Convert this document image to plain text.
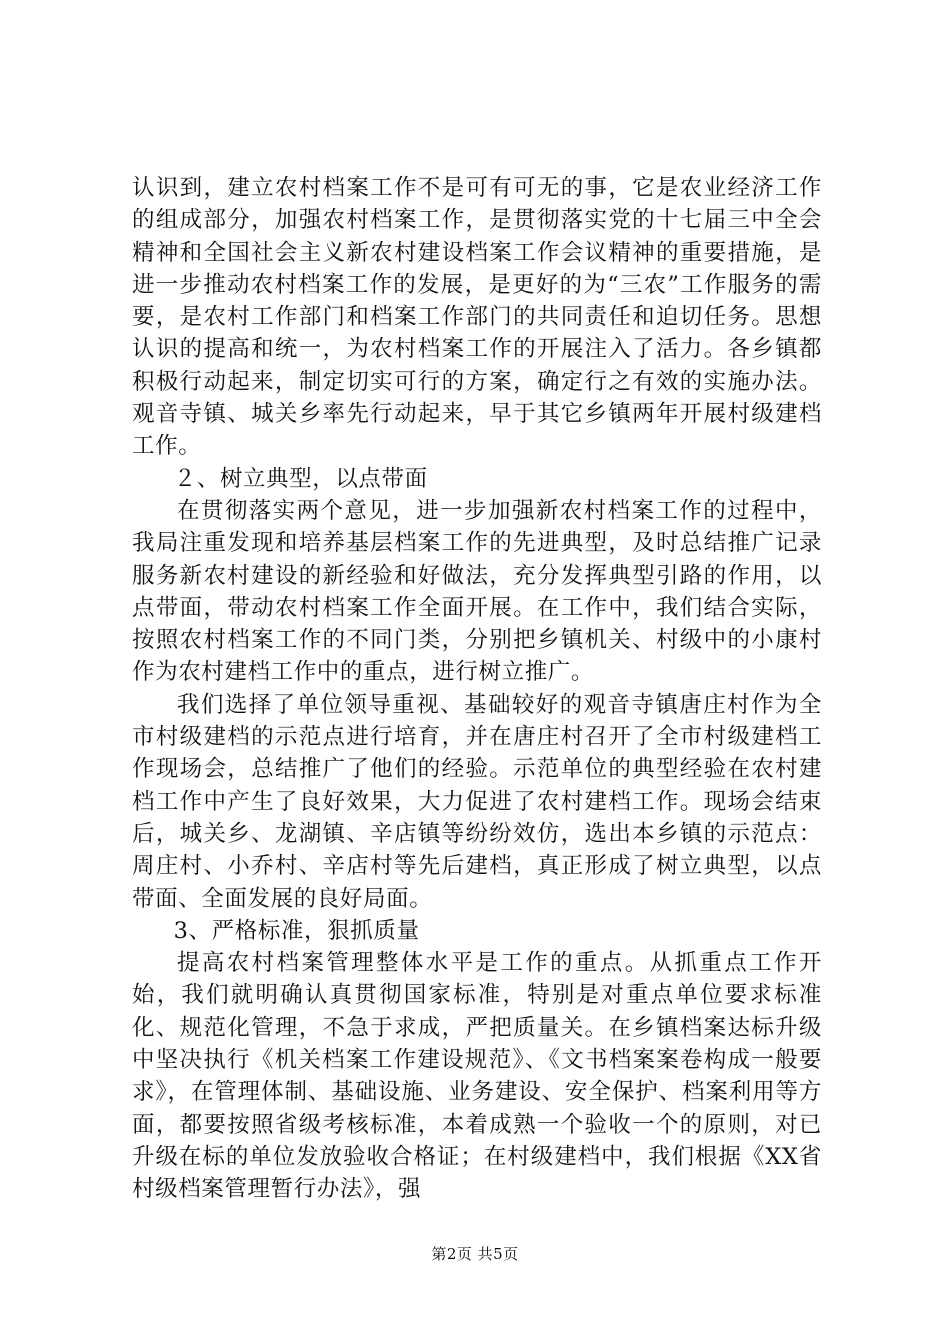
认识到，建立农村档案工作不是可有可无的事，它是农业经济工作的组成部分，加强农村档案工作，是贯彻落实党的十七届三中全会精神和全国社会主义新农村建设档案工作会议精神的重要措施，是进一步推动农村档案工作的发展，是更好的为“三农”工作服务的需要，是农村工作部门和档案工作部门的共同责任和迫切任务。思想认识的提高和统一，为农村档案工作的开展注入了活力。各乡镇都积极行动起来，制定切实可行的方案，确定行之有效的实施办法。观音寺镇、城关乡率先行动起来，早于其它乡镇两年开展村级建档工作。

２、树立典型，以点带面

在贯彻落实两个意见，进一步加强新农村档案工作的过程中，我局注重发现和培养基层档案工作的先进典型，及时总结推广记录服务新农村建设的新经验和好做法，充分发挥典型引路的作用，以点带面，带动农村档案工作全面开展。在工作中，我们结合实际，按照农村档案工作的不同门类，分别把乡镇机关、村级中的小康村作为农村建档工作中的重点，进行树立推广。

我们选择了单位领导重视、基础较好的观音寺镇唐庄村作为全市村级建档的示范点进行培育，并在唐庄村召开了全市村级建档工作现场会，总结推广了他们的经验。示范单位的典型经验在农村建档工作中产生了良好效果，大力促进了农村建档工作。现场会结束后，城关乡、龙湖镇、辛店镇等纷纷效仿，选出本乡镇的示范点：周庄村、小乔村、辛店村等先后建档，真正形成了树立典型，以点带面、全面发展的良好局面。

3、严格标准，狠抓质量

提高农村档案管理整体水平是工作的重点。从抓重点工作开始，我们就明确认真贯彻国家标准，特别是对重点单位要求标准化、规范化管理，不急于求成，严把质量关。在乡镇档案达标升级中坚决执行《机关档案工作建设规范》、《文书档案案卷构成一般要求》，在管理体制、基础设施、业务建设、安全保护、档案利用等方面，都要按照省级考核标准，本着成熟一个验收一个的原则，对已升级在标的单位发放验收合格证；在村级建档中，我们根据《XX省村级档案管理暂行办法》，强

第2页 共5页
